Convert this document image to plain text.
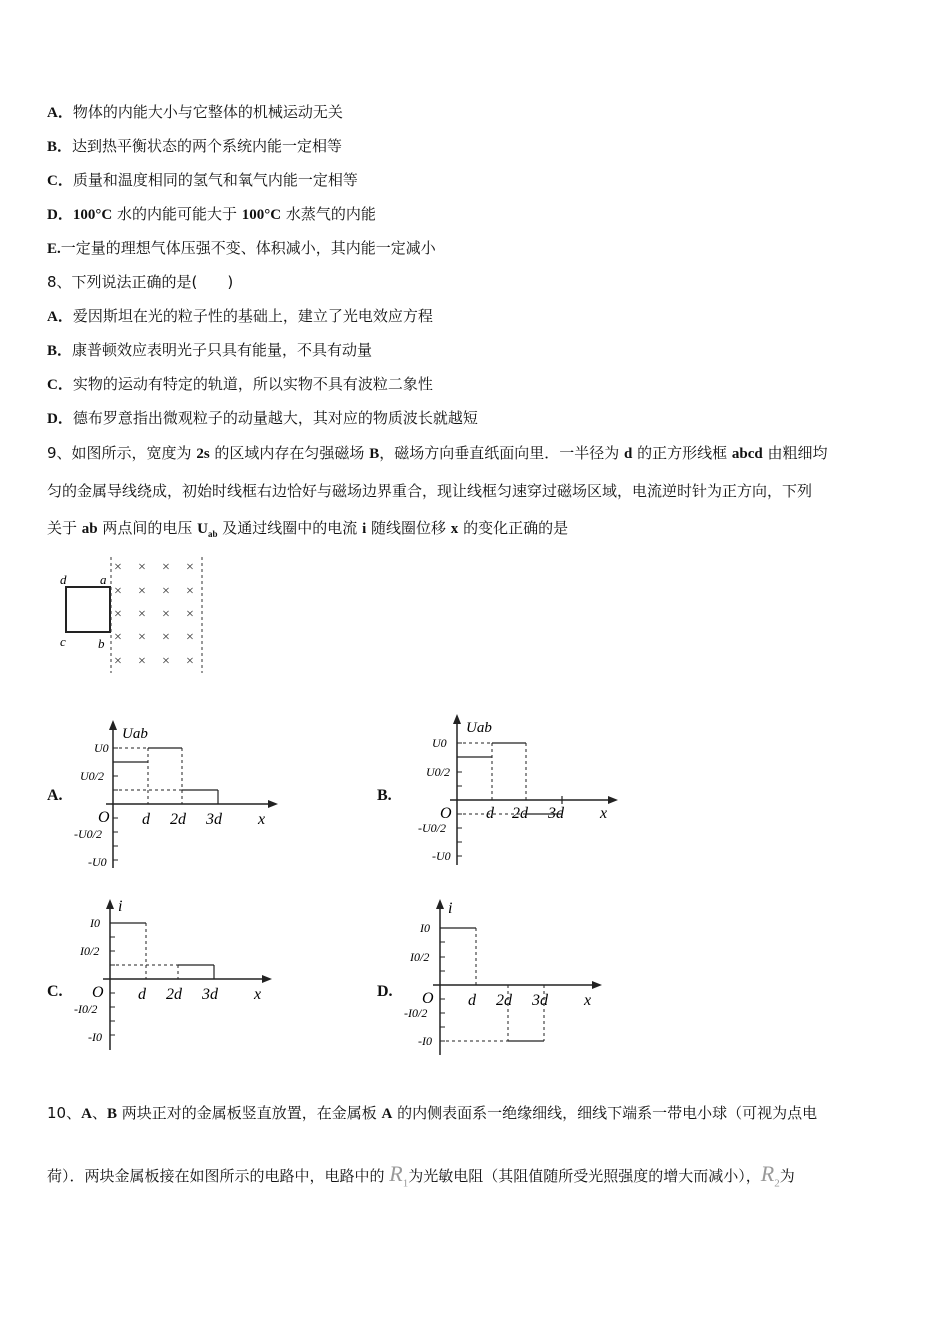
A．物体的内能大小与它整体的机械运动无关
B．达到热平衡状态的两个系统内能一定相等
C．质量和温度相同的氢气和氧气内能一定相等
D．100°C 水的内能可能大于 100°C 水蒸气的内能
E.一定量的理想气体压强不变、体积减小，其内能一定减小
8、下列说法正确的是(　　)
A．爱因斯坦在光的粒子性的基础上，建立了光电效应方程
B．康普顿效应表明光子只具有能量，不具有动量
C．实物的运动有特定的轨道，所以实物不具有波粒二象性
D．德布罗意指出微观粒子的动量越大，其对应的物质波长就越短
9、如图所示，宽度为 2s 的区域内存在匀强磁场 B，磁场方向垂直纸面向里．一半径为 d 的正方形线框 abcd 由粗细均
匀的金属导线绕成，初始时线框右边恰好与磁场边界重合，现让线框匀速穿过磁场区域，电流逆时针为正方向，下列
关于 ab 两点间的电压 $U_{ab}$ 及通过线圈中的电流 i 随线圈位移 x 的变化正确的是
d	a
c b
× × × ×
× × × ×
× × × ×
× × × ×
× × × ×
A.	B.
C.	D.
Uab
U0
U0/2
-U0/2
-U0
O d 2d 3d x
Uab
U0
U0/2
-U0/2
-U0
O d 2d 3d x
i
I0
I0/2
-I0/2
-I0
O d 2d 3d x
i
I0
I0/2
-I0/2
-I0
O d 2d 3d x
10、A、B 两块正对的金属板竖直放置，在金属板 A 的内侧表面系一绝缘细线，细线下端系一带电小球（可视为点电
荷）．两块金属板接在如图所示的电路中，电路中的 $R_1$为光敏电阻（其阻值随所受光照强度的增大而减小），$R_2$为
